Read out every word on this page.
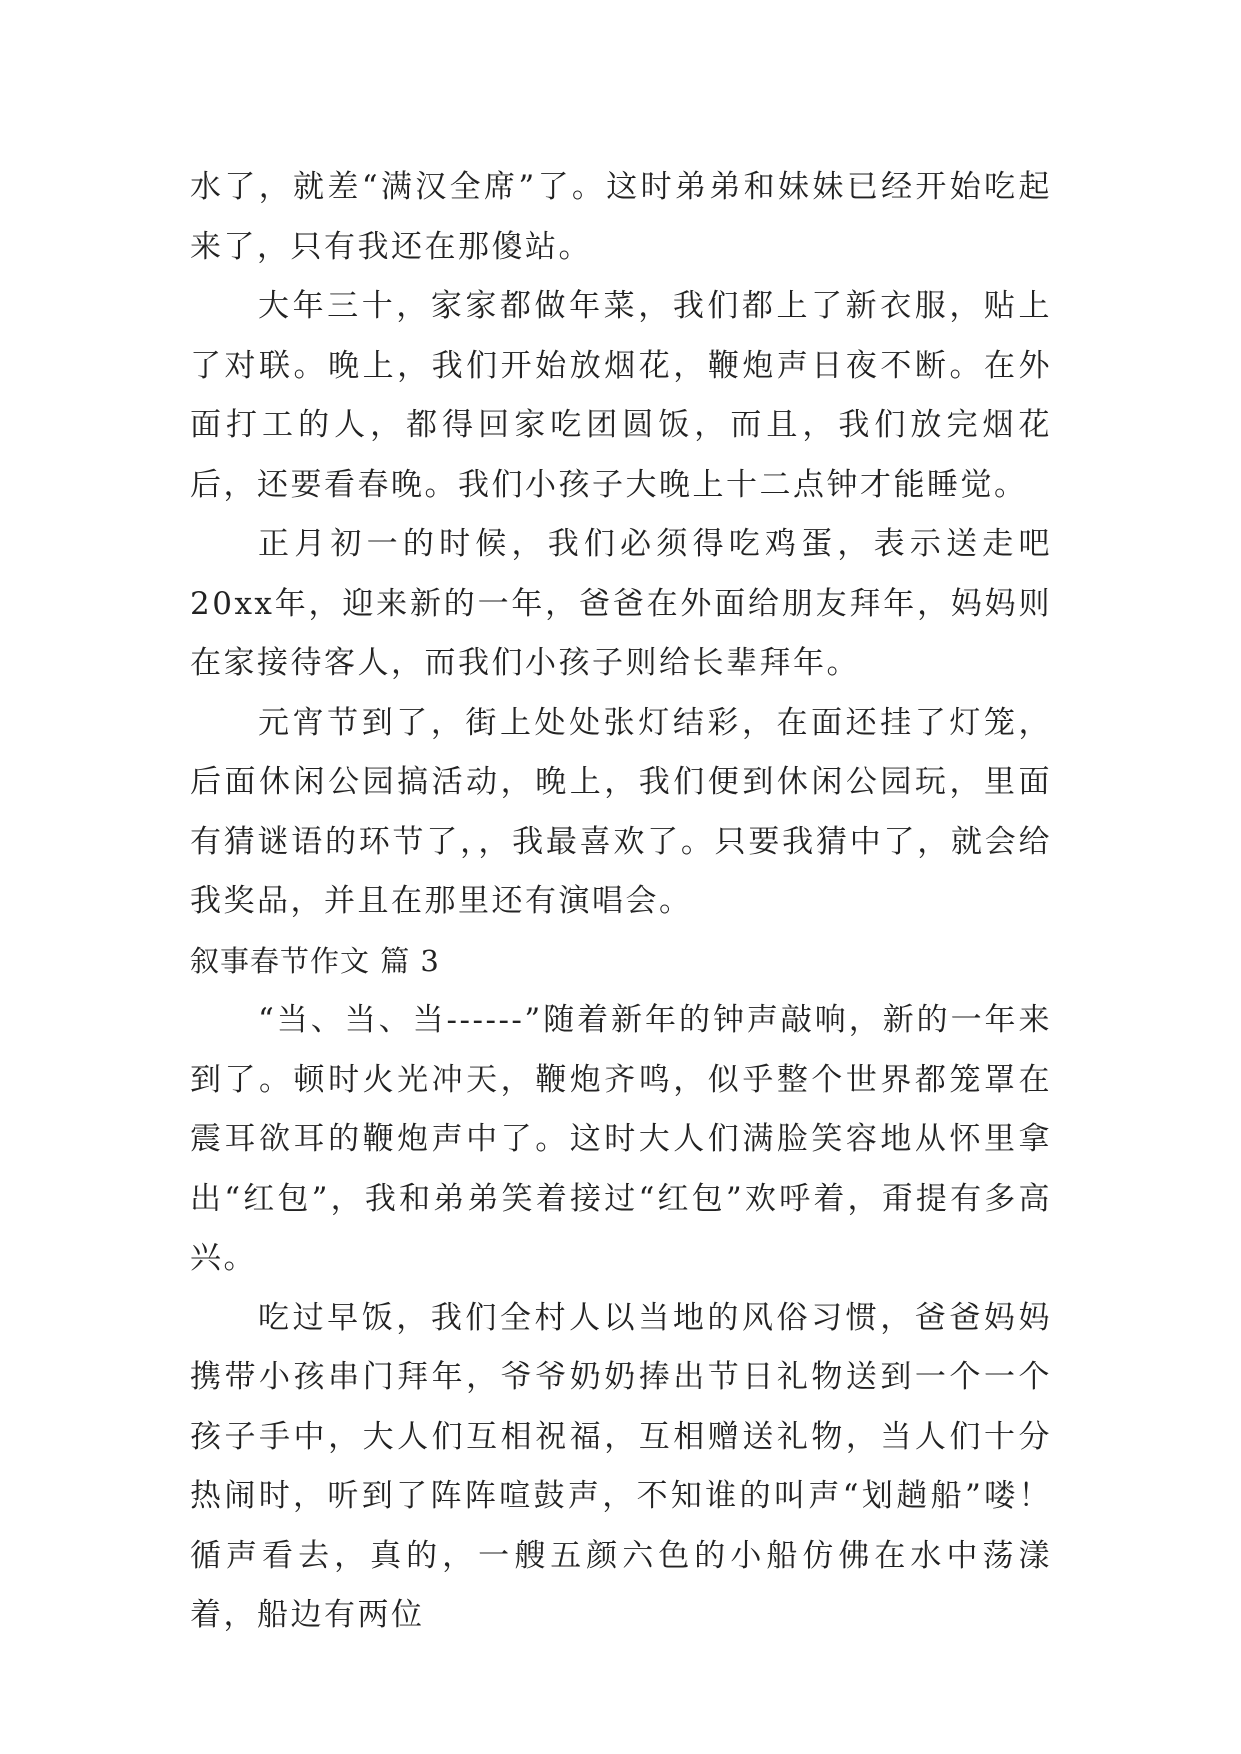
水了，就差“满汉全席”了。这时弟弟和妹妹已经开始吃起来了，只有我还在那傻站。

大年三十，家家都做年菜，我们都上了新衣服，贴上了对联。晚上，我们开始放烟花，鞭炮声日夜不断。在外面打工的人，都得回家吃团圆饭，而且，我们放完烟花后，还要看春晚。我们小孩子大晚上十二点钟才能睡觉。

正月初一的时候，我们必须得吃鸡蛋，表示送走吧20xx年，迎来新的一年，爸爸在外面给朋友拜年，妈妈则在家接待客人，而我们小孩子则给长辈拜年。

元宵节到了，街上处处张灯结彩，在面还挂了灯笼，后面休闲公园搞活动，晚上，我们便到休闲公园玩，里面有猜谜语的环节了，，我最喜欢了。只要我猜中了，就会给我奖品，并且在那里还有演唱会。

叙事春节作文 篇 3

“当、当、当------”随着新年的钟声敲响，新的一年来到了。顿时火光冲天，鞭炮齐鸣，似乎整个世界都笼罩在震耳欲耳的鞭炮声中了。这时大人们满脸笑容地从怀里拿出“红包”，我和弟弟笑着接过“红包”欢呼着，甭提有多高兴。

吃过早饭，我们全村人以当地的风俗习惯，爸爸妈妈携带小孩串门拜年，爷爷奶奶捧出节日礼物送到一个一个孩子手中，大人们互相祝福，互相赠送礼物，当人们十分热闹时，听到了阵阵喧鼓声，不知谁的叫声“划趟船”喽！循声看去，真的，一艘五颜六色的小船仿佛在水中荡漾着，船边有两位
